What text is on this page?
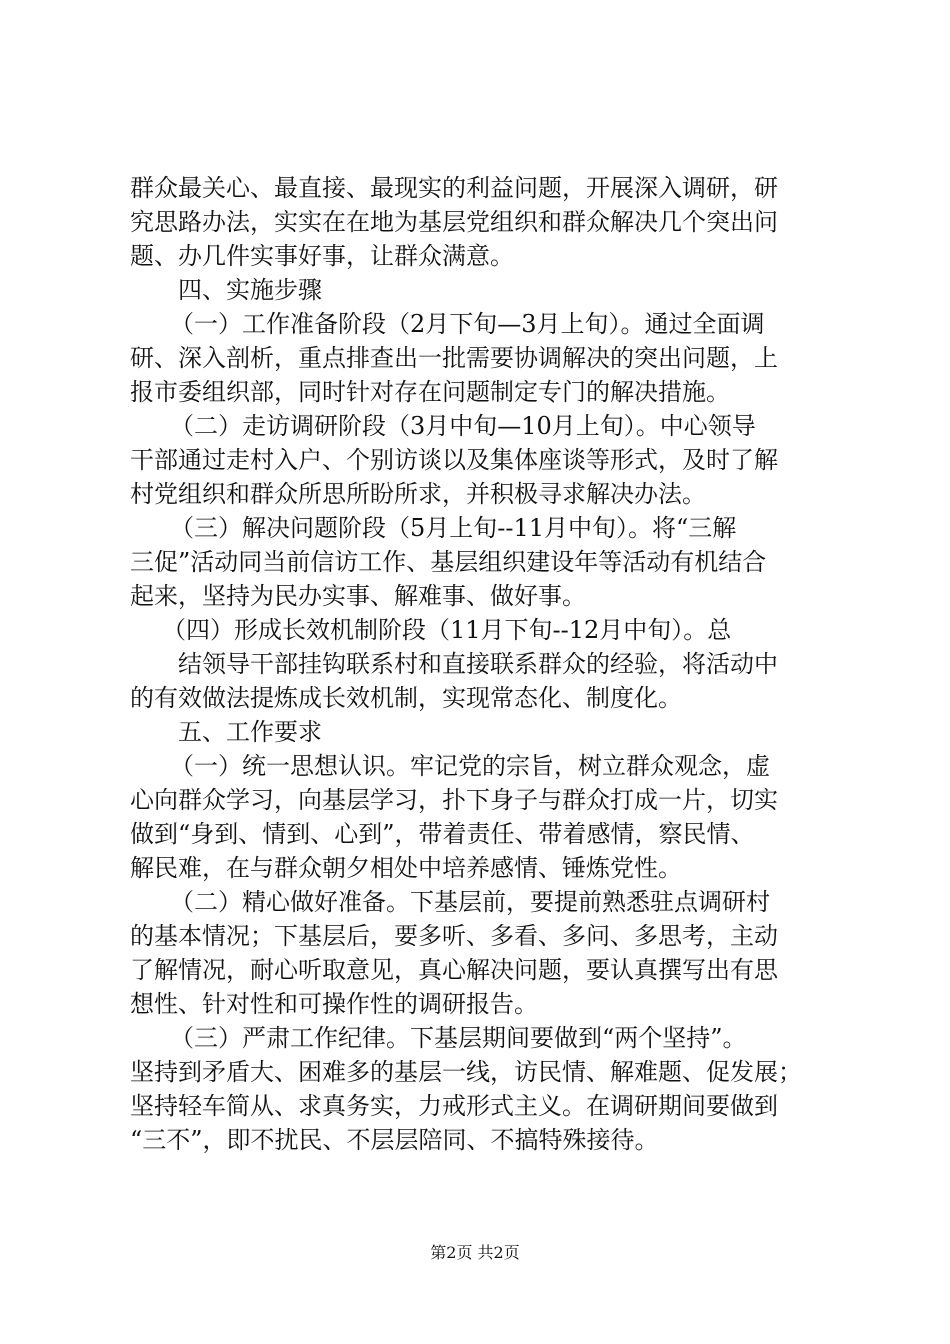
群众最关心、最直接、最现实的利益问题，开展深入调研，研
究思路办法，实实在在地为基层党组织和群众解决几个突出问
题、办几件实事好事，让群众满意。
四、实施步骤
（一）工作准备阶段（2月下旬—3月上旬）。通过全面调
研、深入剖析，重点排查出一批需要协调解决的突出问题，上
报市委组织部，同时针对存在问题制定专门的解决措施。
（二）走访调研阶段（3月中旬—10月上旬）。中心领导
干部通过走村入户、个别访谈以及集体座谈等形式，及时了解
村党组织和群众所思所盼所求，并积极寻求解决办法。
（三）解决问题阶段（5月上旬--11月中旬）。将“三解
三促”活动同当前信访工作、基层组织建设年等活动有机结合
起来，坚持为民办实事、解难事、做好事。
（四）形成长效机制阶段（11月下旬--12月中旬）。总
结领导干部挂钩联系村和直接联系群众的经验，将活动中
的有效做法提炼成长效机制，实现常态化、制度化。
五、工作要求
（一）统一思想认识。牢记党的宗旨，树立群众观念，虚
心向群众学习，向基层学习，扑下身子与群众打成一片，切实
做到“身到、情到、心到”，带着责任、带着感情，察民情、
解民难，在与群众朝夕相处中培养感情、锤炼党性。
（二）精心做好准备。下基层前，要提前熟悉驻点调研村
的基本情况；下基层后，要多听、多看、多问、多思考，主动
了解情况，耐心听取意见，真心解决问题，要认真撰写出有思
想性、针对性和可操作性的调研报告。
（三）严肃工作纪律。下基层期间要做到“两个坚持”。
坚持到矛盾大、困难多的基层一线，访民情、解难题、促发展；
坚持轻车简从、求真务实，力戒形式主义。在调研期间要做到
“三不”，即不扰民、不层层陪同、不搞特殊接待。
第2页 共2页
